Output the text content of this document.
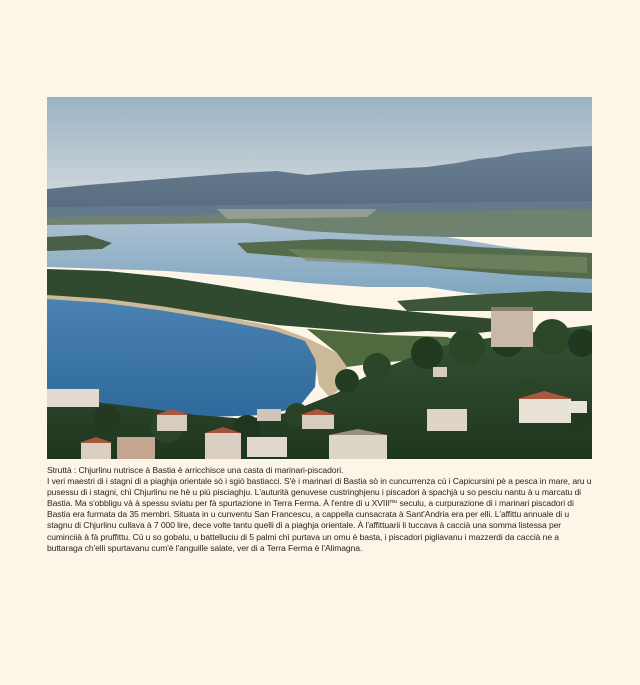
Struttà : Chjurlinu nutrisce à Bastia è arricchisce una casta di marinari-piscadori.

I veri maestri di i stagni di a piaghja orientale sò i sgiò bastiacci. S'è i marinari di Bastia sò in cuncurrenza cù i Capicursini pè a pesca in mare, aru u pusessu di i stagni, chì Chjurlinu ne hè u più pisciaghju. L'auturità genuvese custringhjenu i piscadori à spachjà u so pesciu nantu à u marcatu di Bastia. Ma s'obbligu và à spessu sviatu per fà spurtazione in Terra Ferma. À l'entre di u $XVIII^{mu}$ seculu, a curpurazione di i marinari piscadori di Bastia era furmata da 35 membri. Situata in u cunventu San Francescu, a cappella cunsacrata à Sant'Andria era per elli. L'affittu annuale di u stagnu di Chjurlinu cullava à 7 000 lire, dece volte tantu quelli di a piaghja orientale. À l'affittuarii li tuccava à caccià una somma listessa per cuminciià à fà pruffittu. Cù u so gobalu, u battelluciu di 5 palmi chì purtava un omu è basta, i piscadori pigliavanu i mazzerdi da caccià ne a buttaraga ch'elli spurtavanu cum'è l'anguille salate, ver di a Terra Ferma è l'Alimagna.
